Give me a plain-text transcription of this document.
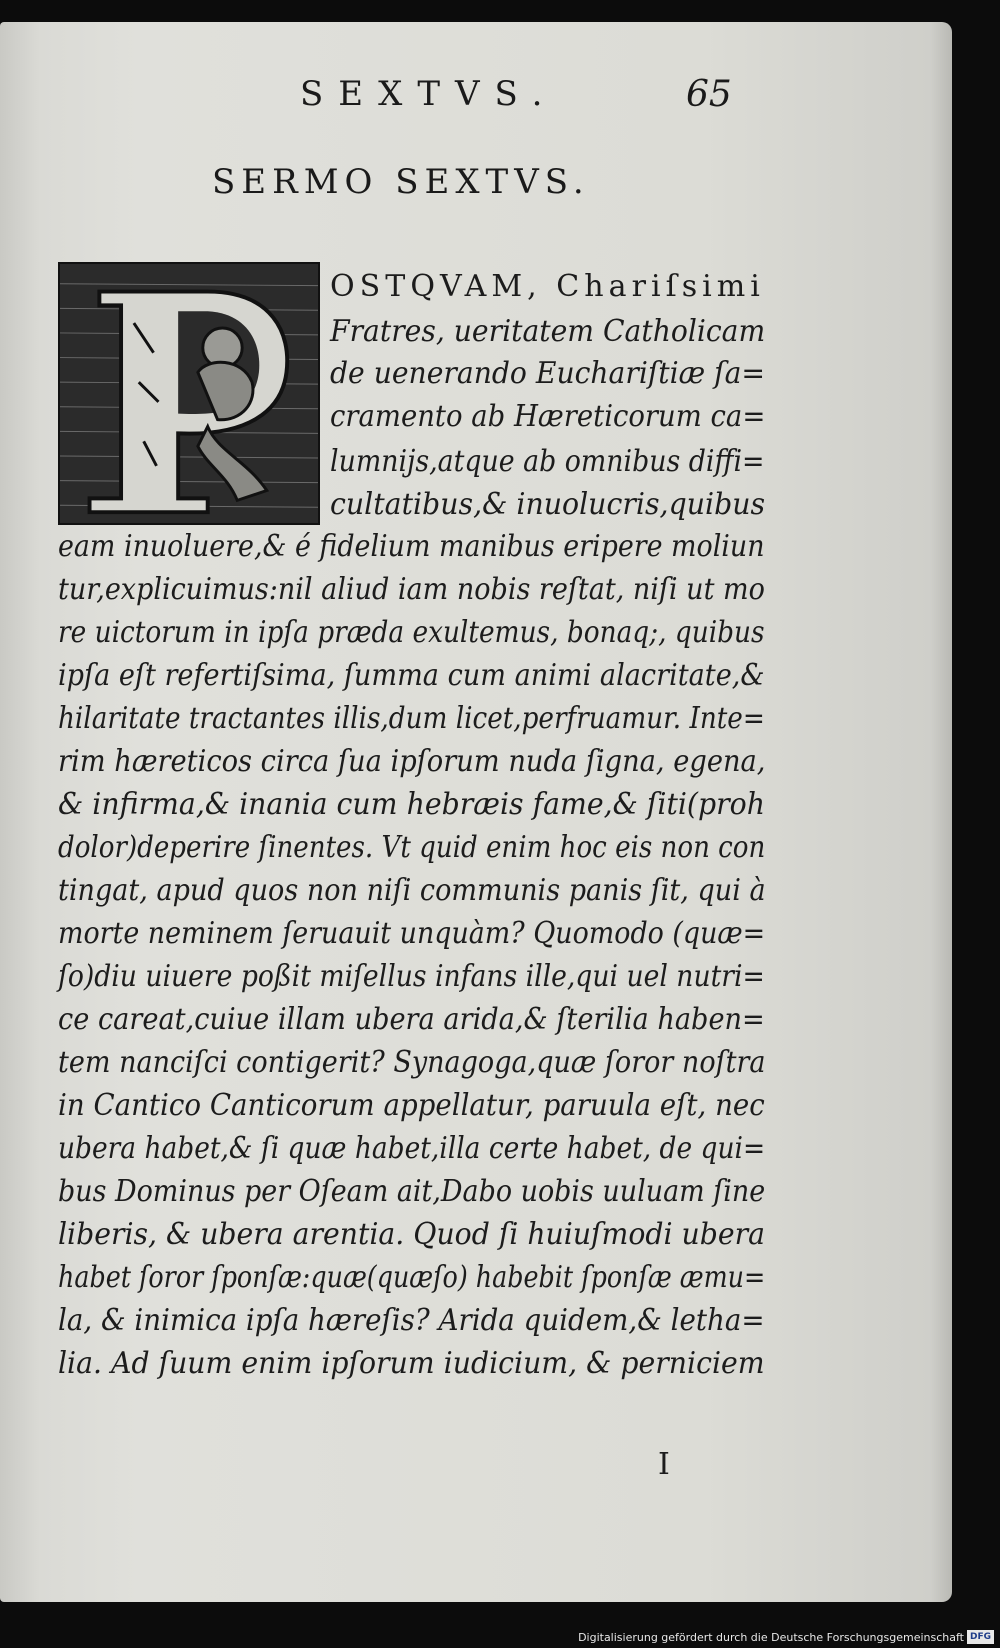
SEXTVS.	65
SERMO SEXTVS.
OSTQVAM, Chariſsimi
Fratres, ueritatem Catholicam
de uenerando Euchariſtiæ ſa=
cramento ab Hæreticorum ca=
lumnijs,atque ab omnibus diffi=
cultatibus,& inuolucris,quibus
eam inuoluere,& é fidelium manibus eripere moliun
tur,explicuimus:nil aliud iam nobis reſtat, niſi ut mo
re uictorum in ipſa præda exultemus, bonaq;, quibus
ipſa eſt refertiſsima, ſumma cum animi alacritate,&
hilaritate tractantes illis,dum licet,perfruamur. Inte=
rim hæreticos circa ſua ipſorum nuda ſigna, egena,
& infirma,& inania cum hebræis fame,& ſiti(proh
dolor)deperire ſinentes. Vt quid enim hoc eis non con
tingat, apud quos non niſi communis panis ſit, qui à
morte neminem ſeruauit unquàm? Quomodo (quæ=
ſo)diu uiuere poßit miſellus infans ille,qui uel nutri=
ce careat,cuiue illam ubera arida,& ſterilia haben=
tem nanciſci contigerit? Synagoga,quæ ſoror noſtra
in Cantico Canticorum appellatur, paruula eſt, nec
ubera habet,& ſi quæ habet,illa certe habet, de qui=
bus Dominus per Oſeam ait,Dabo uobis uuluam ſine
liberis, & ubera arentia. Quod ſi huiuſmodi ubera
habet ſoror ſponſæ:quæ(quæſo) habebit ſponſæ æmu=
la, & inimica ipſa hæreſis? Arida quidem,& letha=
lia. Ad ſuum enim ipſorum iudicium, & perniciem
I
Digitalisierung gefördert durch die Deutsche Forschungsgemeinschaft DFG
